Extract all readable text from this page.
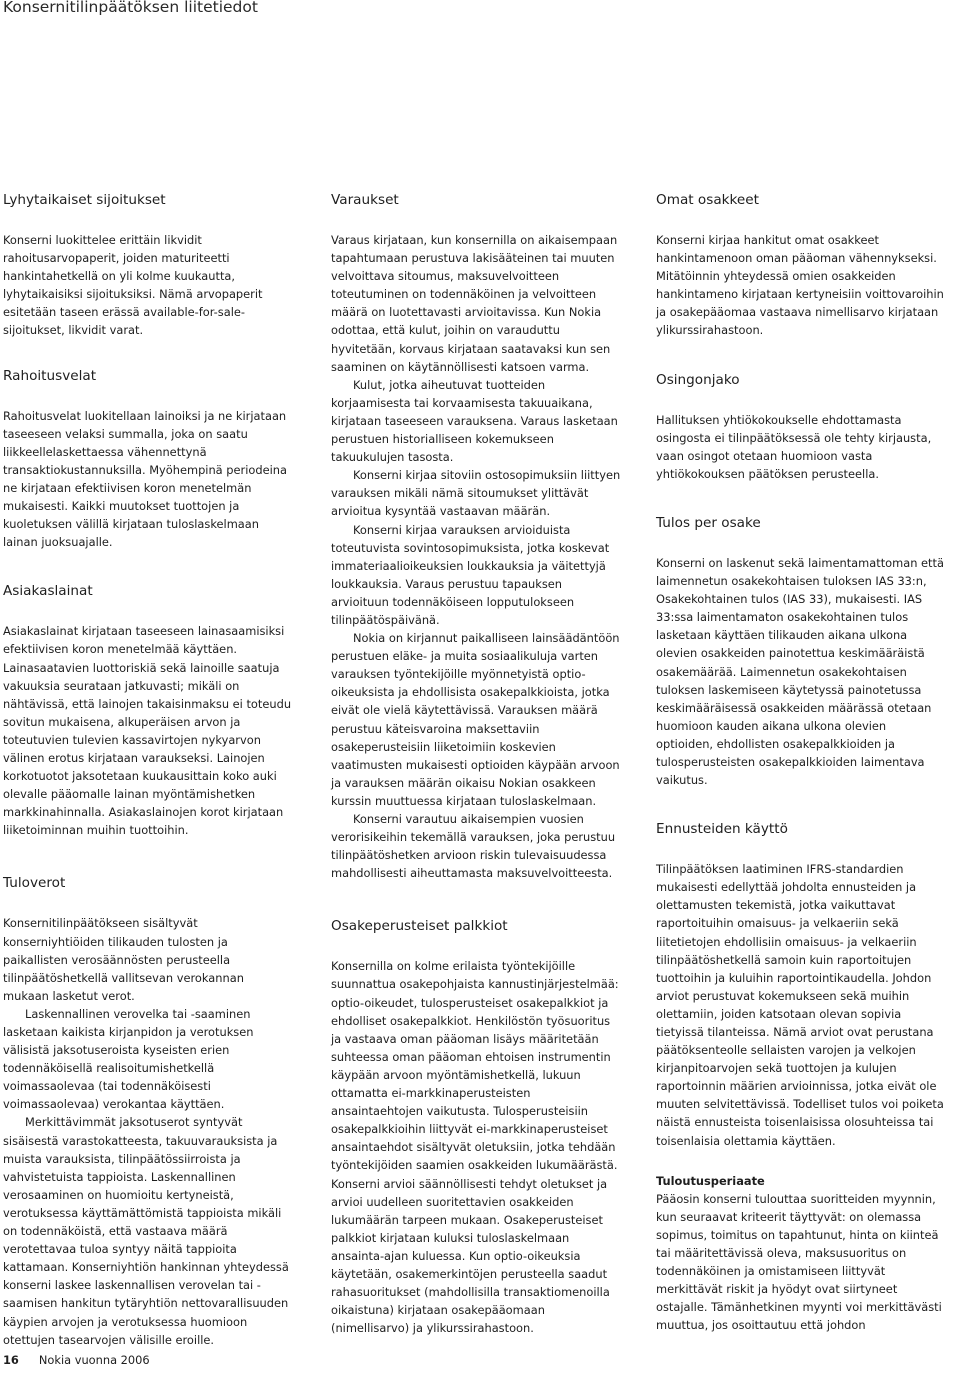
Konsernitilinpäätöksen liitetiedot
Lyhytaikaiset sijoitukset

Konserni luokittelee erittäin likvidit rahoitusarvopaperit, joiden maturiteetti hankintahetkellä on yli kolme kuukautta, lyhytaikaisiksi sijoituksiksi. Nämä arvopaperit esitetään taseen erässä available-for-sale-sijoitukset, likvidit varat.

Rahoitusvelat

Rahoitusvelat luokitellaan lainoiksi ja ne kirjataan taseeseen velaksi summalla, joka on saatu liikkeellelaskettaessa vähennettynä transaktiokustannuksilla. Myöhempinä periodeina ne kirjataan efektiivisen koron menetelmän mukaisesti. Kaikki muutokset tuottojen ja kuoletuksen välillä kirjataan tuloslaskelmaan lainan juoksuajalle.

Asiakaslainat

Asiakaslainat kirjataan taseeseen lainasaamisiksi efektiivisen koron menetelmää käyttäen. Lainasaatavien luottoriskiä sekä lainoille saatuja vakuuksia seurataan jatkuvasti; mikäli on nähtävissä, että lainojen takaisinmaksu ei toteudu sovitun mukaisena, alkuperäisen arvon ja toteutuvien tulevien kassavirtojen nykyarvon välinen erotus kirjataan varaukseksi. Lainojen korkotuotot jaksotetaan kuukausittain koko auki olevalle pääomalle lainan myöntämishetken markkinahinnalla. Asiakaslainojen korot kirjataan liiketoiminnan muihin tuottoihin.

Tuloverot

Konsernitilinpäätökseen sisältyvät konserniyhtiöiden tilikauden tulosten ja paikallisten verosäännösten perusteella tilinpäätöshetkellä vallitsevan verokannan mukaan lasketut verot.

Laskennallinen verovelka tai -saaminen lasketaan kaikista kirjanpidon ja verotuksen välisistä jaksotuseroista kyseisten erien todennäköisellä realisoitumishetkellä voimassaolevaa (tai todennäköisesti voimassaolevaa) verokantaa käyttäen.

Merkittävimmät jaksotuserot syntyvät sisäisestä varastokatteesta, takuuvarauksista ja muista varauksista, tilinpäätössiirroista ja vahvistetuista tappioista. Laskennallinen verosaaminen on huomioitu kertyneistä, verotuksessa käyttämättömistä tappioista mikäli on todennäköistä, että vastaava määrä verotettavaa tuloa syntyy näitä tappioita kattamaan. Konserniyhtiön hankinnan yhteydessä konserni laskee laskennallisen verovelan tai -saamisen hankitun tytäryhtiön nettovarallisuuden käypien arvojen ja verotuksessa huomioon otettujen tasearvojen välisille eroille.

Varaukset

Varaus kirjataan, kun konsernilla on aikaisempaan tapahtumaan perustuva lakisääteinen tai muuten velvoittava sitoumus, maksuvelvoitteen toteutuminen on todennäköinen ja velvoitteen määrä on luotettavasti arvioitavissa. Kun Nokia odottaa, että kulut, joihin on varauduttu hyvitetään, korvaus kirjataan saatavaksi kun sen saaminen on käytännöllisesti katsoen varma.

Kulut, jotka aiheutuvat tuotteiden korjaamisesta tai korvaamisesta takuuaikana, kirjataan taseeseen varauksena. Varaus lasketaan perustuen historialliseen kokemukseen takuukulujen tasosta.

Konserni kirjaa sitoviin ostosopimuksiin liittyen varauksen mikäli nämä sitoumukset ylittävät arvioitua kysyntää vastaavan määrän.

Konserni kirjaa varauksen arvioiduista toteutuvista sovintosopimuksista, jotka koskevat immateriaalioikeuksien loukkauksia ja väitettyjä loukkauksia. Varaus perustuu tapauksen arvioituun todennäköiseen lopputulokseen tilinpäätöspäivänä.

Nokia on kirjannut paikalliseen lainsäädäntöön perustuen eläke- ja muita sosiaalikuluja varten varauksen työntekijöille myönnetyistä optio-oikeuksista ja ehdollisista osakepalkkioista, jotka eivät ole vielä käytettävissä. Varauksen määrä perustuu käteisvaroina maksettaviin osakeperusteisiin liiketoimiin koskevien vaatimusten mukaisesti optioiden käypään arvoon ja varauksen määrän oikaisu Nokian osakkeen kurssin muuttuessa kirjataan tuloslaskelmaan.

Konserni varautuu aikaisempien vuosien verorisikeihin tekemällä varauksen, joka perustuu tilinpäätöshetken arvioon riskin tulevaisuudessa mahdollisesti aiheuttamasta maksuvelvoitteesta.

Osakeperusteiset palkkiot

Konsernilla on kolme erilaista työntekijöille suunnattua osakepohjaista kannustinjärjestelmää: optio-oikeudet, tulosperusteiset osakepalkkiot ja ehdolliset osakepalkkiot. Henkilöstön työsuoritus ja vastaava oman pääoman lisäys määritetään suhteessa oman pääoman ehtoisen instrumentin käypään arvoon myöntämishetkellä, lukuun ottamatta ei-markkinaperusteisten ansaintaehtojen vaikutusta. Tulosperusteisiin osakepalkkioihin liittyvät ei-markkinaperusteiset ansaintaehdot sisältyvät oletuksiin, jotka tehdään työntekijöiden saamien osakkeiden lukumäärästä. Konserni arvioi säännöllisesti tehdyt oletukset ja arvioi uudelleen suoritettavien osakkeiden lukumäärän tarpeen mukaan. Osakeperusteiset palkkiot kirjataan kuluksi tuloslaskelmaan ansainta-ajan kuluessa. Kun optio-oikeuksia käytetään, osakemerkintöjen perusteella saadut rahasuoritukset (mahdollisilla transaktiomenoilla oikaistuna) kirjataan osakepääomaan (nimellisarvo) ja ylikurssirahastoon.

Omat osakkeet

Konserni kirjaa hankitut omat osakkeet hankintamenoon oman pääoman vähennykseksi. Mitätöinnin yhteydessä omien osakkeiden hankintameno kirjataan kertyneisiin voittovaroihin ja osakepääomaa vastaava nimellisarvo kirjataan ylikurssirahastoon.

Osingonjako

Hallituksen yhtiökokoukselle ehdottamasta osingosta ei tilinpäätöksessä ole tehty kirjausta, vaan osingot otetaan huomioon vasta yhtiökokouksen päätöksen perusteella.

Tulos per osake

Konserni on laskenut sekä laimentamattoman että laimennetun osakekohtaisen tuloksen IAS 33:n, Osakekohtainen tulos (IAS 33), mukaisesti. IAS 33:ssa laimentamaton osakekohtainen tulos lasketaan käyttäen tilikauden aikana ulkona olevien osakkeiden painotettua keskimääräistä osakemäärää. Laimennetun osakekohtaisen tuloksen laskemiseen käytetyssä painotetussa keskimääräisessä osakkeiden määrässä otetaan huomioon kauden aikana ulkona olevien optioiden, ehdollisten osakepalkkioiden ja tulosperusteisten osakepalkkioiden laimentava vaikutus.

Ennusteiden käyttö

Tilinpäätöksen laatiminen IFRS-standardien mukaisesti edellyttää johdolta ennusteiden ja olettamusten tekemistä, jotka vaikuttavat raportoituihin omaisuus- ja velkaeriin sekä liitetietojen ehdollisiin omaisuus- ja velkaeriin tilinpäätöshetkellä samoin kuin raportoitujen tuottoihin ja kuluihin raportointikaudella. Johdon arviot perustuvat kokemukseen sekä muihin olettamiin, joiden katsotaan olevan sopivia tietyissä tilanteissa. Nämä arviot ovat perustana päätöksenteolle sellaisten varojen ja velkojen kirjanpitoarvojen sekä tuottojen ja kulujen raportoinnin määrien arvioinnissa, jotka eivät ole muuten selvitettävissä. Todelliset tulos voi poiketa näistä ennusteista toisenlaisissa olosuhteissa tai toisenlaisia olettamia käyttäen.

Tuloutusperiaate

Pääosin konserni tulouttaa suoritteiden myynnin, kun seuraavat kriteerit täyttyvät: on olemassa sopimus, toimitus on tapahtunut, hinta on kiinteä tai määritettävissä oleva, maksusuoritus on todennäköinen ja omistamiseen liittyvät merkittävät riskit ja hyödyt ovat siirtyneet ostajalle. Tämänhetkinen myynti voi merkittävästi muuttua, jos osoittautuu että johdon

16 Nokia vuonna 2006
